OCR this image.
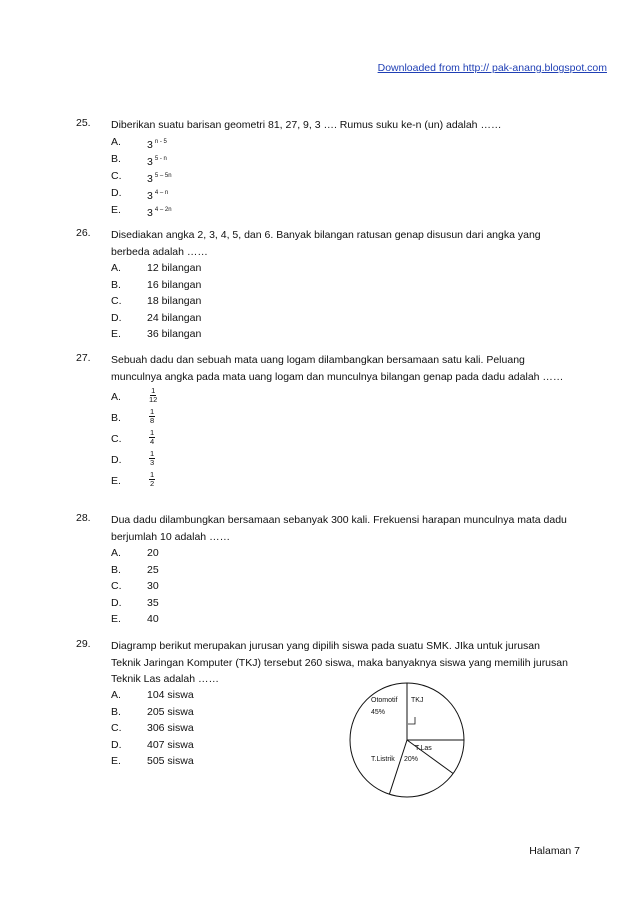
Downloaded from http:// pak-anang.blogspot.com
25. Diberikan suatu barisan geometri 81, 27, 9, 3 …. Rumus suku ke-n (un) adalah ……
A. 3 $^{n - 5}$
B. 3 $^{5 - n}$
C. 3 $^{5 - 5n}$
D. 3 $^{4 - n}$
E. 3 $^{4 - 2n}$
26. Disediakan angka 2, 3, 4, 5, dan 6. Banyak bilangan ratusan genap disusun dari angka yang berbeda adalah ……
A. 12 bilangan
B. 16 bilangan
C. 18 bilangan
D. 24 bilangan
E. 36 bilangan
27. Sebuah dadu dan sebuah mata uang logam dilambangkan bersamaan satu kali. Peluang munculnya angka pada mata uang logam dan munculnya bilangan genap pada dadu adalah ……
A.	$\frac{1}{12}$
B.	$\frac{1}{8}$
C.	$\frac{1}{4}$
D.	$\frac{1}{3}$
E.	$\frac{1}{2}$
28. Dua dadu dilambungkan bersamaan sebanyak 300 kali. Frekuensi harapan munculnya mata dadu berjumlah 10 adalah ……
A. 20
B. 25
C. 30
D. 35
E. 40
29. Diagramp berikut merupakan jurusan yang dipilih siswa pada suatu SMK. JIka untuk jurusan Teknik Jaringan Komputer (TKJ) tersebut 260 siswa, maka banyaknya siswa yang memilih jurusan Teknik Las adalah ……
A. 104 siswa
B. 205 siswa
C. 306 siswa
D. 407 siswa
E. 505 siswa
Otomotif
45%
TKJ
T.Las
T.Listrik 20%
Halaman 7
